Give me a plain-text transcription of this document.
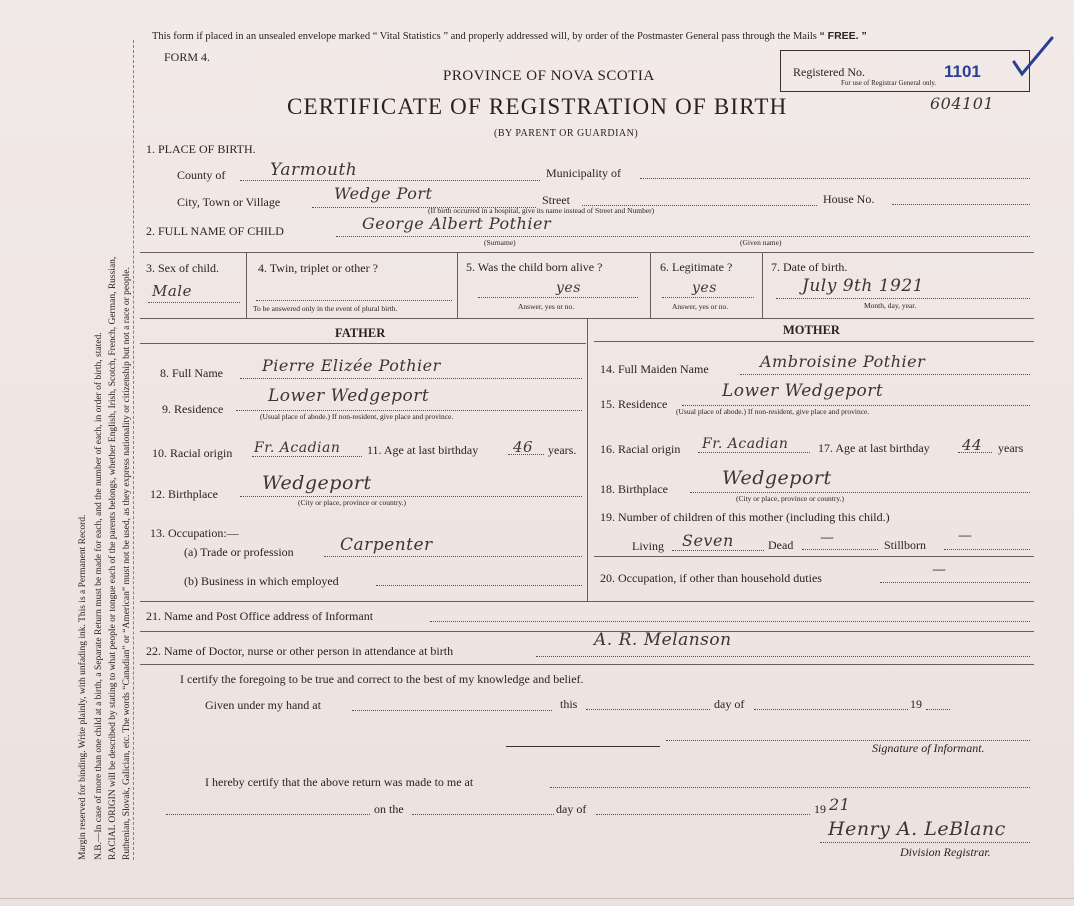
Margin reserved for binding. Write plainly, with unfading ink. This is a Permanent Record. N.B.—In case of more than one child at a birth, a Separate Return must be made for each, and the number of each, in order of birth, stated. RACIAL ORIGIN will be described by stating to what people or tongue each of the parents belongs, whether English, Irish, Scotch, French, German, Russian, Ruthenian, Slovak, Galician, etc. The words “Canadian” or “American” must not be used, as they express nationality or citizenship but not a race or people.
This form if placed in an unsealed envelope marked “ Vital Statistics ” and properly addressed will, by order of the Postmaster General pass through the Mails “ FREE. ”
FORM 4.
PROVINCE OF NOVA SCOTIA
CERTIFICATE OF REGISTRATION OF BIRTH
(BY PARENT OR GUARDIAN)
Registered No.
For use of Registrar General only.
1101
604101
1. PLACE OF BIRTH.
County of	Yarmouth	Municipality of
City, Town or Village	Wedge Port	Street
(If birth occurred in a hospital, give its name instead of Street and Number)
House No.
2. FULL NAME OF CHILD	George Albert Pothier
(Surname)	(Given name)
3. Sex of child.
Male
4. Twin, triplet or other ?
To be answered only in the event of plural birth.
5. Was the child born alive ?
yes
Answer, yes or no.
6. Legitimate ?
yes
Answer, yes or no.
7. Date of birth.
July 9th 1921
Month, day, year.
FATHER	MOTHER
8. Full Name Pierre Elizée Pothier
9. Residence
Lower Wedgeport
(Usual place of abode.) If non-resident, give place and province.
10. Racial origin Fr. Acadian 11. Age at last birthday 46 years.
12. Birthplace Wedgeport
(City or place, province or country.)
13. Occupation:—
(a) Trade or profession	Carpenter
(b) Business in which employed
14. Full Maiden Name	Ambroisine Pothier
15. Residence
Lower Wedgeport
(Usual place of abode.) If non-resident, give place and province.
16. Racial origin Fr. Acadian 17. Age at last birthday 44 years
18. Birthplace	Wedgeport
(City or place, province or country.)
19. Number of children of this mother (including this child.)
Living Seven	Dead —	Stillborn
—
20. Occupation, if other than household duties	—
21. Name and Post Office address of Informant
22. Name of Doctor, nurse or other person in attendance at birth
A. R. Melanson
I certify the foregoing to be true and correct to the best of my knowledge and belief.
Given under my hand at	this	day of	19
Signature of Informant.
I hereby certify that the above return was made to me at
on the	day of	19 21
Henry A. LeBlanc
Division Registrar.
